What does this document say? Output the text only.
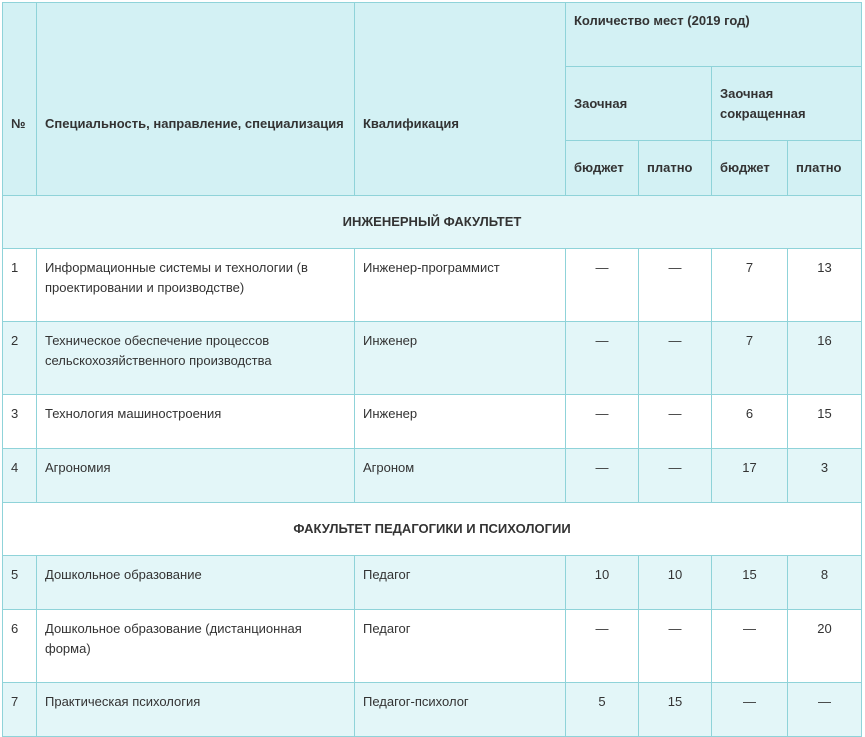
№	Специальность, направление, специализация	Квалификация	Количество мест (2019 год)			
			Заочная		Заочная сокращенная	
			бюджет	платно	бюджет	платно
ИНЖЕНЕРНЫЙ ФАКУЛЬТЕТ						
1	Информационные системы и технологии (в проектировании и производстве)	Инженер-программист	—	—	7	13
2	Техническое обеспечение процессов сельскохозяйственного производства	Инженер	—	—	7	16
3	Технология машиностроения	Инженер	—	—	6	15
4	Агрономия	Агроном	—	—	17	3
ФАКУЛЬТЕТ ПЕДАГОГИКИ И ПСИХОЛОГИИ						
5	Дошкольное образование	Педагог	10	10	15	8
6	Дошкольное образование (дистанционная форма)	Педагог	—	—	—	20
7	Практическая психология	Педагог-психолог	5	15	—	—
